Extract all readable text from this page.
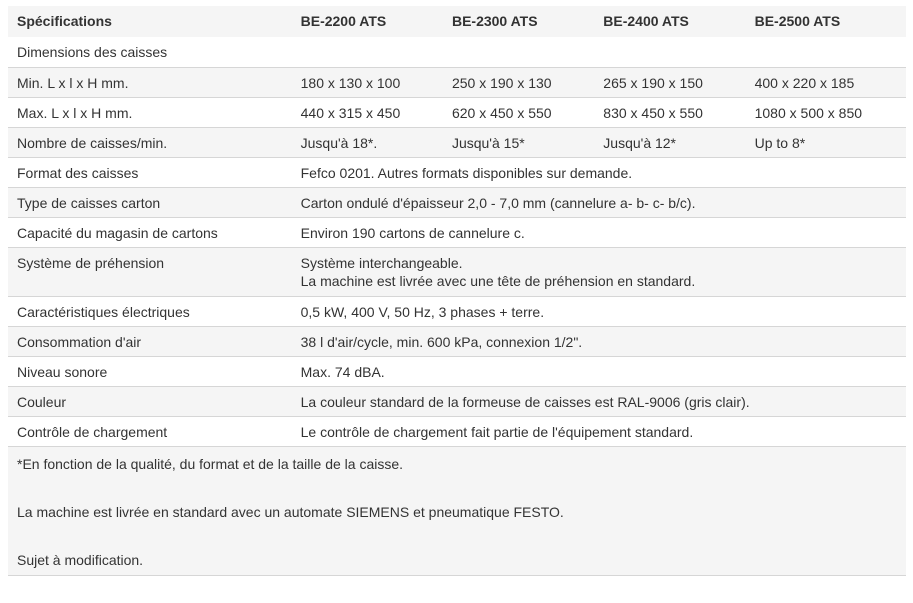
Spécifications	BE-2200 ATS	BE-2300 ATS	BE-2400 ATS	BE-2500 ATS
Dimensions des caisses				
Min. L x l x H mm.	180 x 130 x 100	250 x 190 x 130	265 x 190 x 150	400 x 220 x 185
Max. L x l x H mm.	440 x 315 x 450	620 x 450 x 550	830 x 450 x 550	1080 x 500 x 850
Nombre de caisses/min.	Jusqu'à 18*.	Jusqu'à 15*	Jusqu'à 12*	Up to 8*
Format des caisses	Fefco 0201. Autres formats disponibles sur demande.			
Type de caisses carton	Carton ondulé d'épaisseur 2,0 - 7,0 mm (cannelure a- b- c- b/c).			
Capacité du magasin de cartons	Environ 190 cartons de cannelure c.			
Système de préhension	Système interchangeable.
La machine est livrée avec une tête de préhension en standard.			

Caractéristiques électriques	0,5 kW, 400 V, 50 Hz, 3 phases + terre.			
Consommation d'air	38 l d'air/cycle, min. 600 kPa, connexion 1/2".			
Niveau sonore	Max. 74 dBA.			
Couleur	La couleur standard de la formeuse de caisses est RAL-9006 (gris clair).			
Contrôle de chargement	Le contrôle de chargement fait partie de l'équipement standard.			

*En fonction de la qualité, du format et de la taille de la caisse.
La machine est livrée en standard avec un automate SIEMENS et pneumatique FESTO.
Sujet à modification.				
